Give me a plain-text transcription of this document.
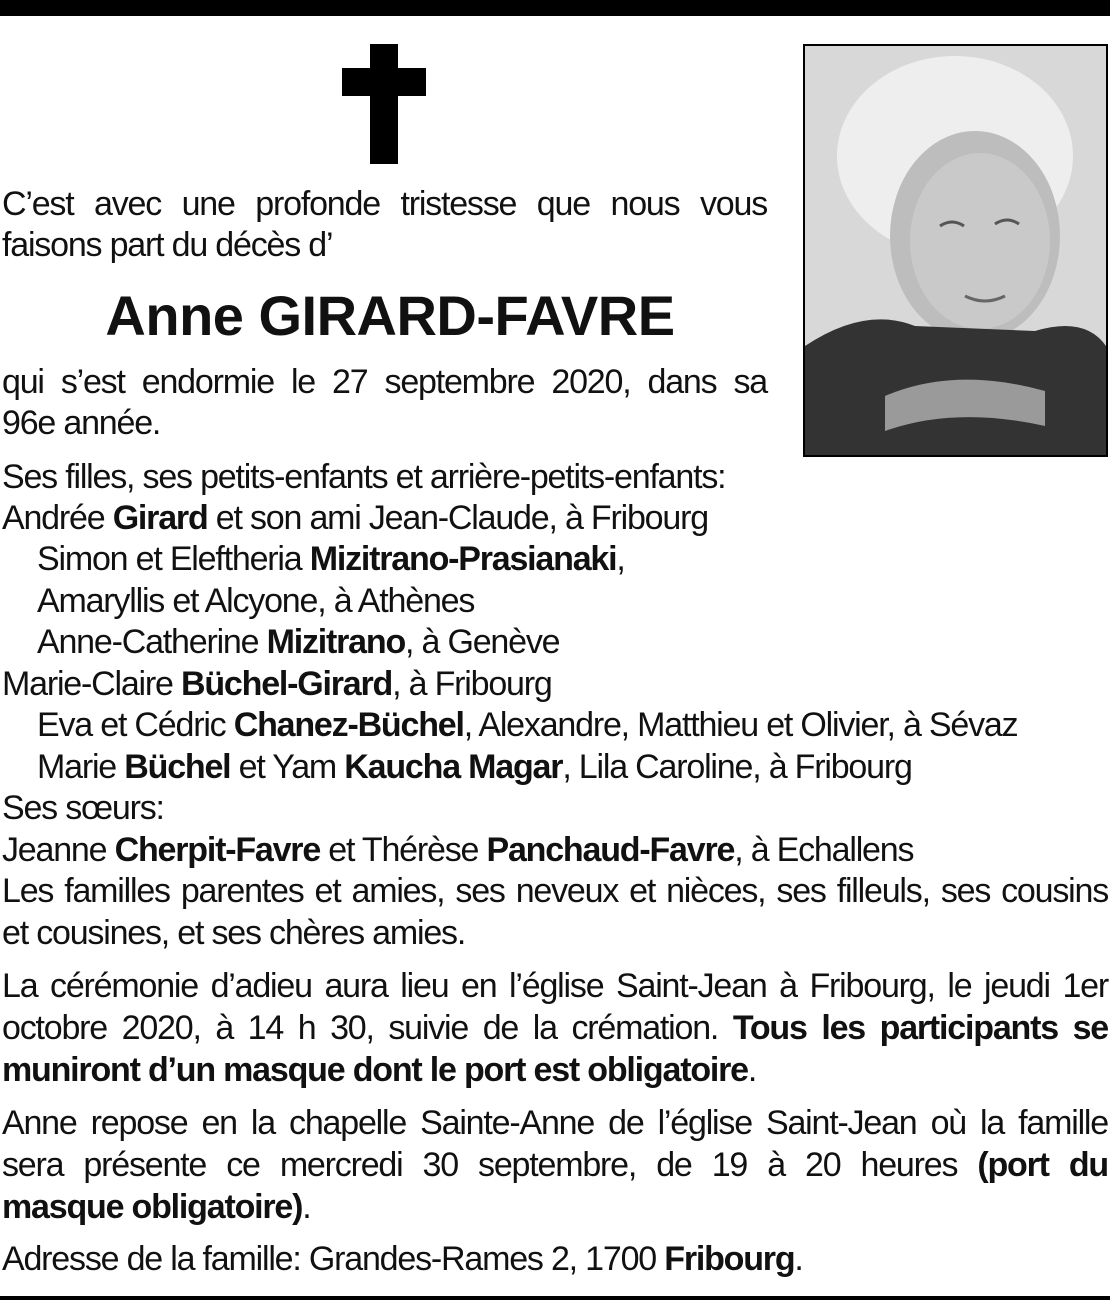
C’est avec une profonde tristesse que nous vous

faisons part du décès d’

Anne GIRARD-FAVRE

qui s’est endormie le 27 septembre 2020, dans sa

96e année.

Ses filles, ses petits-enfants et arrière-petits-enfants:

Andrée Girard et son ami Jean-Claude, à Fribourg

Simon et Eleftheria Mizitrano-Prasianaki,

Amaryllis et Alcyone, à Athènes

Anne-Catherine Mizitrano, à Genève

Marie-Claire Büchel-Girard, à Fribourg

Eva et Cédric Chanez-Büchel, Alexandre, Matthieu et Olivier, à Sévaz

Marie Büchel et Yam Kaucha Magar, Lila Caroline, à Fribourg

Ses sœurs:

Jeanne Cherpit-Favre et Thérèse Panchaud-Favre, à Echallens

Les familles parentes et amies, ses neveux et nièces, ses filleuls, ses cousins

et cousines, et ses chères amies.

La cérémonie d’adieu aura lieu en l’église Saint-Jean à Fribourg, le jeudi 1er

octobre 2020, à 14 h 30, suivie de la crémation. Tous les participants se

muniront d’un masque dont le port est obligatoire.

Anne repose en la chapelle Sainte-Anne de l’église Saint-Jean où la famille

sera présente ce mercredi 30 septembre, de 19 à 20 heures (port du

masque obligatoire).

Adresse de la famille: Grandes-Rames 2, 1700 Fribourg.
